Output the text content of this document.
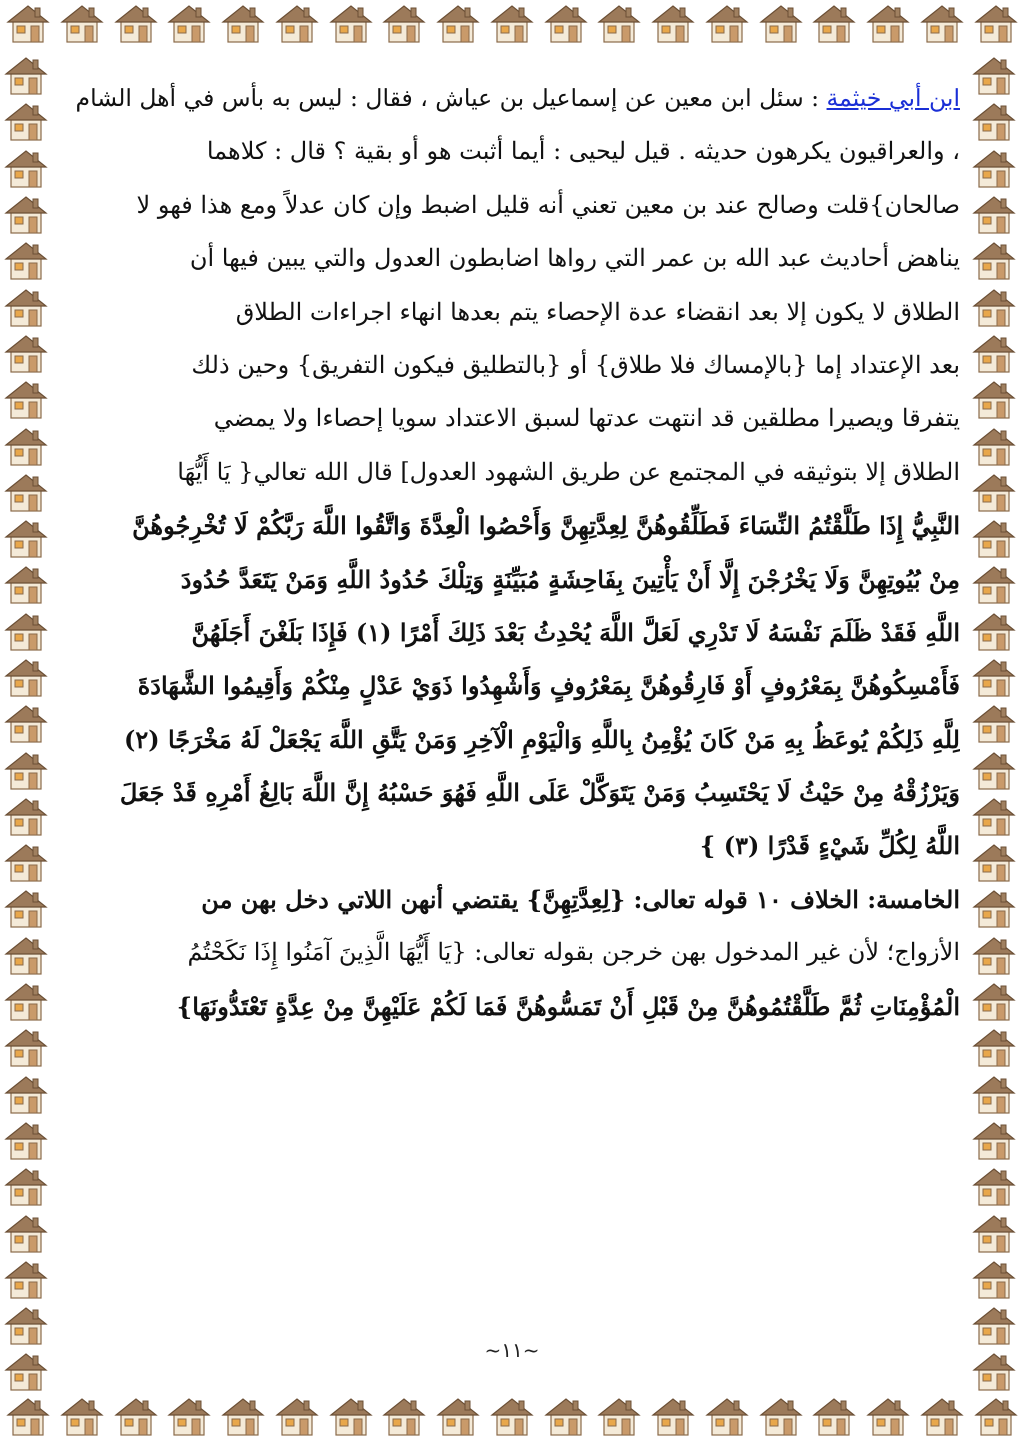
ابن أبي خيثمة : سئل ابن معين عن إسماعيل بن عياش ، فقال : ليس به بأس في أهل الشام
، والعراقيون يكرهون حديثه . قيل ليحيى : أيما أثبت هو أو بقية ؟ قال : كلاهما
صالحان}قلت وصالح عند بن معين تعني أنه قليل اضبط وإن كان عدلاً ومع هذا فهو لا
يناهض أحاديث عبد الله بن عمر التي رواها اضابطون العدول والتي يبين فيها أن
الطلاق لا يكون إلا بعد انقضاء عدة الإحصاء يتم بعدها انهاء اجراءات الطلاق
بعد الإعتداد إما {بالإمساك فلا طلاق} أو {بالتطليق فيكون التفريق} وحين ذلك
يتفرقا ويصيرا مطلقين قد انتهت عدتها لسبق الاعتداد سويا إحصاءا ولا يمضي
الطلاق إلا بتوثيقه في المجتمع عن طريق الشهود العدول] قال الله تعالي{ يَا أَيُّهَا
النَّبِيُّ إِذَا طَلَّقْتُمُ النِّسَاءَ فَطَلِّقُوهُنَّ لِعِدَّتِهِنَّ وَأَحْصُوا الْعِدَّةَ وَاتَّقُوا اللَّهَ رَبَّكُمْ لَا تُخْرِجُوهُنَّ
مِنْ بُيُوتِهِنَّ وَلَا يَخْرُجْنَ إِلَّا أَنْ يَأْتِينَ بِفَاحِشَةٍ مُبَيِّنَةٍ وَتِلْكَ حُدُودُ اللَّهِ وَمَنْ يَتَعَدَّ حُدُودَ
اللَّهِ فَقَدْ ظَلَمَ نَفْسَهُ لَا تَدْرِي لَعَلَّ اللَّهَ يُحْدِثُ بَعْدَ ذَلِكَ أَمْرًا (١) فَإِذَا بَلَغْنَ أَجَلَهُنَّ
فَأَمْسِكُوهُنَّ بِمَعْرُوفٍ أَوْ فَارِقُوهُنَّ بِمَعْرُوفٍ وَأَشْهِدُوا ذَوَيْ عَدْلٍ مِنْكُمْ وَأَقِيمُوا الشَّهَادَةَ
لِلَّهِ ذَلِكُمْ يُوعَظُ بِهِ مَنْ كَانَ يُؤْمِنُ بِاللَّهِ وَالْيَوْمِ الْآخِرِ وَمَنْ يَتَّقِ اللَّهَ يَجْعَلْ لَهُ مَخْرَجًا (٢)
وَيَرْزُقْهُ مِنْ حَيْثُ لَا يَحْتَسِبُ وَمَنْ يَتَوَكَّلْ عَلَى اللَّهِ فَهُوَ حَسْبُهُ إِنَّ اللَّهَ بَالِغُ أَمْرِهِ قَدْ جَعَلَ
اللَّهُ لِكُلِّ شَيْءٍ قَدْرًا (٣) }
الخامسة: الخلاف ١٠ قوله تعالى: {لِعِدَّتِهِنَّ} يقتضي أنهن اللاتي دخل بهن من
الأزواج؛ لأن غير المدخول بهن خرجن بقوله تعالى: {يَا أَيُّهَا الَّذِينَ آمَنُوا إِذَا نَكَحْتُمُ
الْمُؤْمِنَاتِ ثُمَّ طَلَّقْتُمُوهُنَّ مِنْ قَبْلِ أَنْ تَمَسُّوهُنَّ فَمَا لَكُمْ عَلَيْهِنَّ مِنْ عِدَّةٍ تَعْتَدُّونَهَا}
~١١~
